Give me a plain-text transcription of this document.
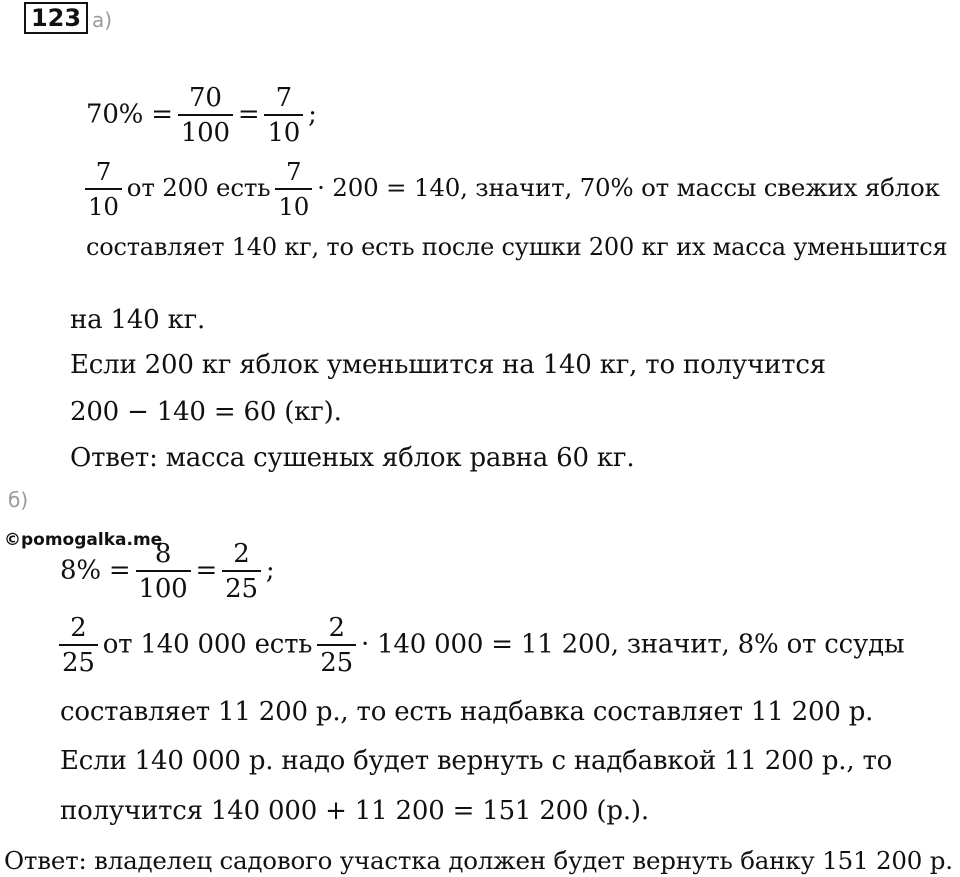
123 а)
$70\% = \frac{70}{100} = \frac{7}{10}$ ;
$\frac{7}{10}$ от 200 есть $\frac{7}{10} \cdot 200 = 140$, значит, 70% от массы свежих яблок
составляет 140 кг, то есть после сушки 200 кг их масса уменьшится
на 140 кг.
Если 200 кг яблок уменьшится на 140 кг, то получится
200 − 140 = 60 (кг).
Ответ: масса сушеных яблок равна 60 кг.
б)
©pomogalka.me
$8\% = \frac{8}{100} = \frac{2}{25}$ ;
$\frac{2}{25}$ от 140 000 есть $\frac{2}{25} \cdot 140$ 000 = 11 200, значит, 8% от ссуды
составляет 11 200 р., то есть надбавка составляет 11 200 р.
Если 140 000 р. надо будет вернуть с надбавкой 11 200 р., то
получится 140 000 + 11 200 = 151 200 (р.).
Ответ: владелец садового участка должен будет вернуть банку 151 200 р.
